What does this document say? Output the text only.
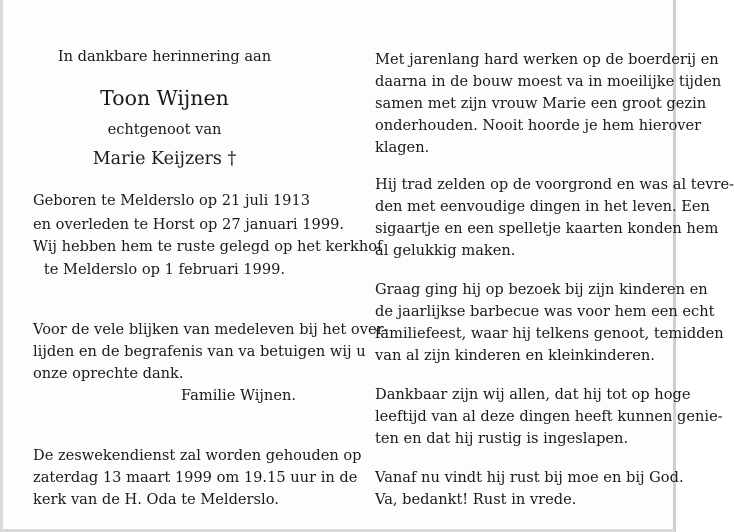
In dankbare herinnering aan
Toon Wijnen
echtgenoot van
Marie Keijzers †
Geboren te Melderslo op 21 juli 1913
en overleden te Horst op 27 januari 1999.
Wij hebben hem te ruste gelegd op het kerkhof
te Melderslo op 1 februari 1999.
Voor de vele blijken van medeleven bij het over-
lijden en de begrafenis van va betuigen wij u
onze oprechte dank.
Familie Wijnen.
De zeswekendienst zal worden gehouden op
zaterdag 13 maart 1999 om 19.15 uur in de
kerk van de H. Oda te Melderslo.
Met jarenlang hard werken op de boerderij en
daarna in de bouw moest va in moeilijke tijden
samen met zijn vrouw Marie een groot gezin
onderhouden. Nooit hoorde je hem hierover
klagen.
Hij trad zelden op de voorgrond en was al tevre-
den met eenvoudige dingen in het leven. Een
sigaartje en een spelletje kaarten konden hem
al gelukkig maken.
Graag ging hij op bezoek bij zijn kinderen en
de jaarlijkse barbecue was voor hem een echt
familiefeest, waar hij telkens genoot, temidden
van al zijn kinderen en kleinkinderen.
Dankbaar zijn wij allen, dat hij tot op hoge
leeftijd van al deze dingen heeft kunnen genie-
ten en dat hij rustig is ingeslapen.
Vanaf nu vindt hij rust bij moe en bij God.
Va, bedankt! Rust in vrede.
